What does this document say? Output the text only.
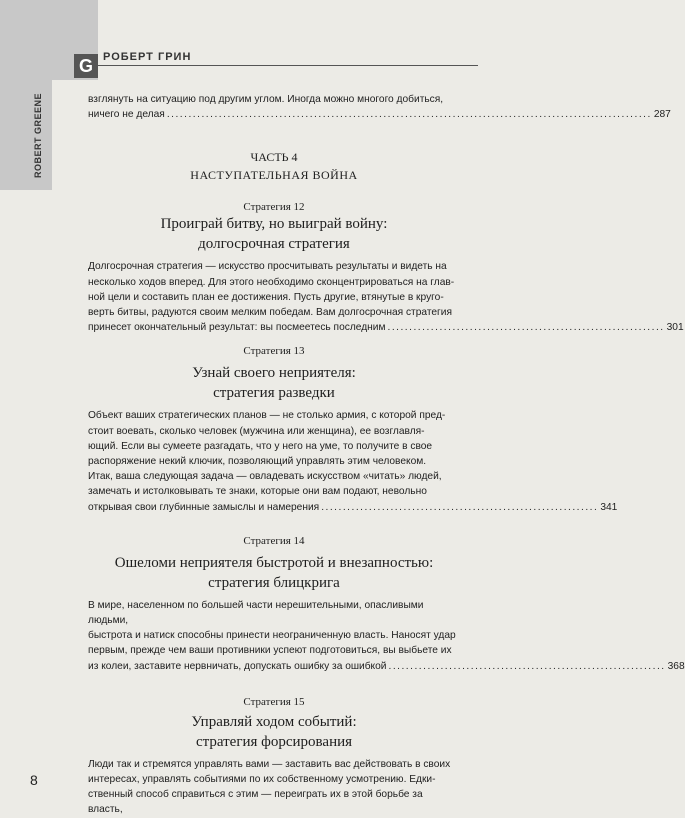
G РОБЕРТ ГРИН
ROBERT GREENE	взглянуть на ситуацию под другим углом. Иногда можно многого добиться,

ничего не делая ................................................................................................................ 287
ЧАСТЬ 4
НАСТУПАТЕЛЬНАЯ ВОЙНА
Стратегия 12
Проиграй битву, но выиграй войну:
долгосрочная стратегия

Долгосрочная стратегия — искусство просчитывать результаты и видеть на

несколько ходов вперед. Для этого необходимо сконцентрироваться на глав-

ной цели и составить план ее достижения. Пусть другие, втянутые в круго-

верть битвы, радуются своим мелким победам. Вам долгосрочная стратегия

принесет окончательный результат: вы посмеетесь последним ................................................................ 301
Стратегия 13
Узнай своего неприятеля:
стратегия разведки

Объект ваших стратегических планов — не столько армия, с которой пред-

стоит воевать, сколько человек (мужчина или женщина), ее возглавля-

ющий. Если вы сумеете разгадать, что у него на уме, то получите в свое

распоряжение некий ключик, позволяющий управлять этим человеком.

Итак, ваша следующая задача — овладевать искусством «читать» людей,

замечать и истолковывать те знаки, которые они вам подают, невольно

открывая свои глубинные замыслы и намерения ................................................................ 341
Стратегия 14
Ошеломи неприятеля быстротой и внезапностью:
стратегия блицкрига

В мире, населенном по большей части нерешительными, опасливыми людьми,

быстрота и натиск способны принести неограниченную власть. Наносят удар

первым, прежде чем ваши противники успеют подготовиться, вы выбьете их

из колеи, заставите нервничать, допускать ошибку за ошибкой ................................................................ 368
Стратегия 15
Управляй ходом событий:
стратегия форсирования

Люди так и стремятся управлять вами — заставить вас действовать в своих

интересах, управлять событиями по их собственному усмотрению. Едки-

ственный способ справиться с этим — переиграть их в этой борьбе за власть,

8
